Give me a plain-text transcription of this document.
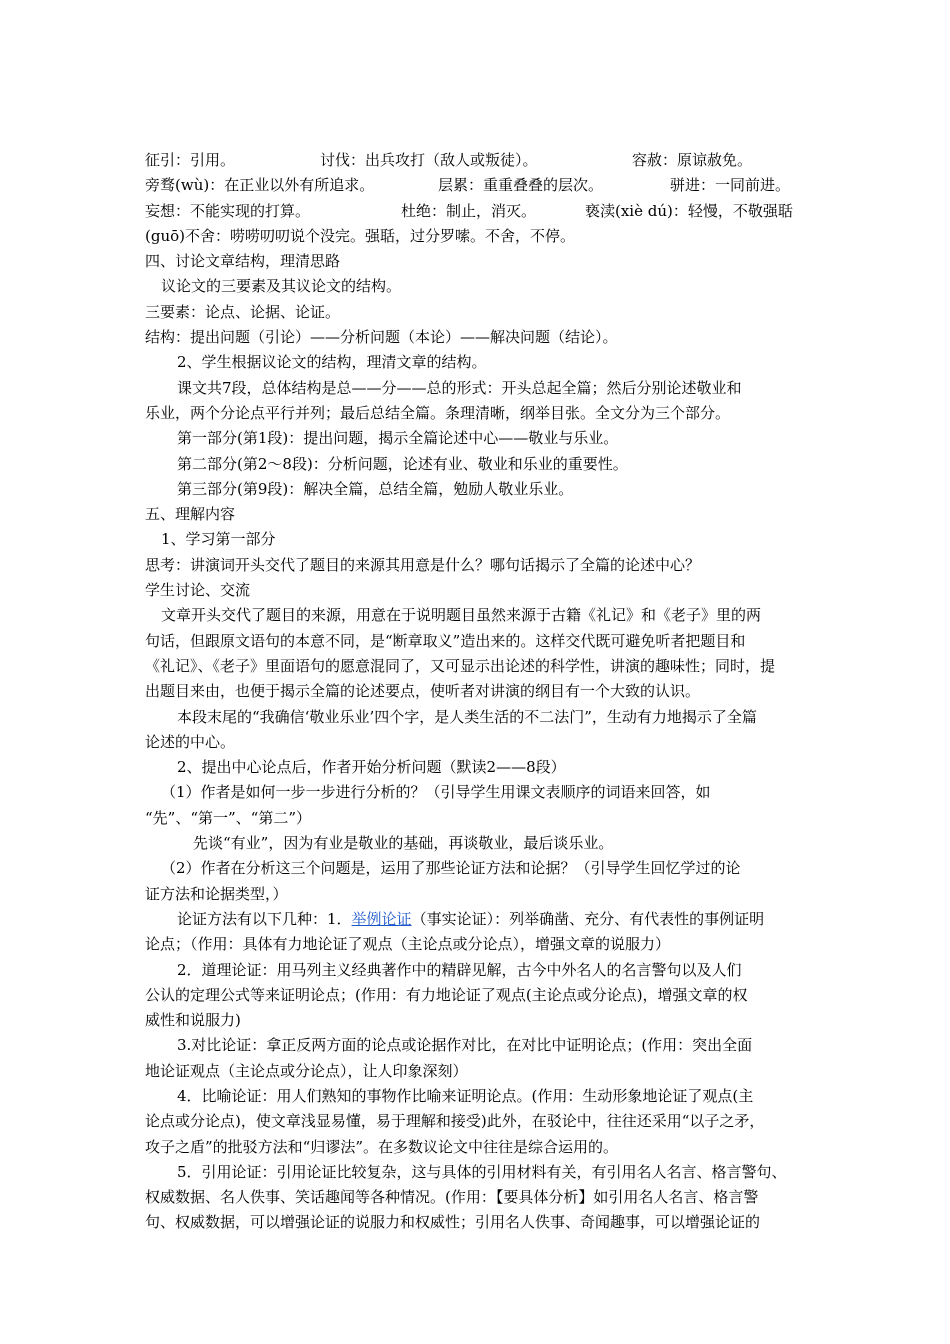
征引：引用。	讨伐：出兵攻打（敌人或叛徒）。	容赦：原谅赦免。
旁骛(wù)：在正业以外有所追求。	层累：重重叠叠的层次。	骈进：一同前进。
妄想：不能实现的打算。	杜绝：制止，消灭。	亵渎(xiè dú)：轻慢，不敬强聒
(guō)不舍：唠唠叨叨说个没完。强聒，过分罗嗦。不舍，不停。
四、讨论文章结构，理清思路
议论文的三要素及其议论文的结构。
三要素：论点、论据、论证。
结构：提出问题（引论）——分析问题（本论）——解决问题（结论）。
2、学生根据议论文的结构，理清文章的结构。
课文共7段，总体结构是总——分——总的形式：开头总起全篇；然后分别论述敬业和
乐业，两个分论点平行并列；最后总结全篇。条理清晰，纲举目张。全文分为三个部分。
第一部分(第1段)：提出问题，揭示全篇论述中心——敬业与乐业。
第二部分(第2～8段)：分析问题，论述有业、敬业和乐业的重要性。
第三部分(第9段)：解决全篇，总结全篇，勉励人敬业乐业。
五、理解内容
1、学习第一部分
思考：讲演词开头交代了题目的来源其用意是什么？哪句话揭示了全篇的论述中心？
学生讨论、交流
文章开头交代了题目的来源，用意在于说明题目虽然来源于古籍《礼记》和《老子》里的两
句话，但跟原文语句的本意不同，是“断章取义”造出来的。这样交代既可避免听者把题目和
《礼记》、《老子》里面语句的愿意混同了，又可显示出论述的科学性，讲演的趣味性；同时，提
出题目来由，也便于揭示全篇的论述要点，使听者对讲演的纲目有一个大致的认识。
本段末尾的“我确信‘敬业乐业’四个字，是人类生活的不二法门”，生动有力地揭示了全篇
论述的中心。
2、提出中心论点后，作者开始分析问题（默读2——8段）
（1）作者是如何一步一步进行分析的？（引导学生用课文表顺序的词语来回答，如
“先”、“第一”、“第二”）
先谈“有业”，因为有业是敬业的基础，再谈敬业，最后谈乐业。
（2）作者在分析这三个问题是，运用了那些论证方法和论据？（引导学生回忆学过的论
证方法和论据类型，）
论证方法有以下几种：1．举例论证（事实论证）：列举确凿、充分、有代表性的事例证明
论点；（作用：具体有力地论证了观点（主论点或分论点），增强文章的说服力）
2．道理论证：用马列主义经典著作中的精辟见解，古今中外名人的名言警句以及人们
公认的定理公式等来证明论点；(作用：有力地论证了观点(主论点或分论点)，增强文章的权
威性和说服力)
3.对比论证：拿正反两方面的论点或论据作对比，在对比中证明论点；(作用：突出全面
地论证观点（主论点或分论点），让人印象深刻）
4．比喻论证：用人们熟知的事物作比喻来证明论点。(作用：生动形象地论证了观点(主
论点或分论点)，使文章浅显易懂，易于理解和接受)此外，在驳论中，往往还采用“以子之矛，
攻子之盾”的批驳方法和“归谬法”。在多数议论文中往往是综合运用的。
5．引用论证：引用论证比较复杂，这与具体的引用材料有关，有引用名人名言、格言警句、
权威数据、名人佚事、笑话趣闻等各种情况。(作用：【要具体分析】如引用名人名言、格言警
句、权威数据，可以增强论证的说服力和权威性；引用名人佚事、奇闻趣事，可以增强论证的
